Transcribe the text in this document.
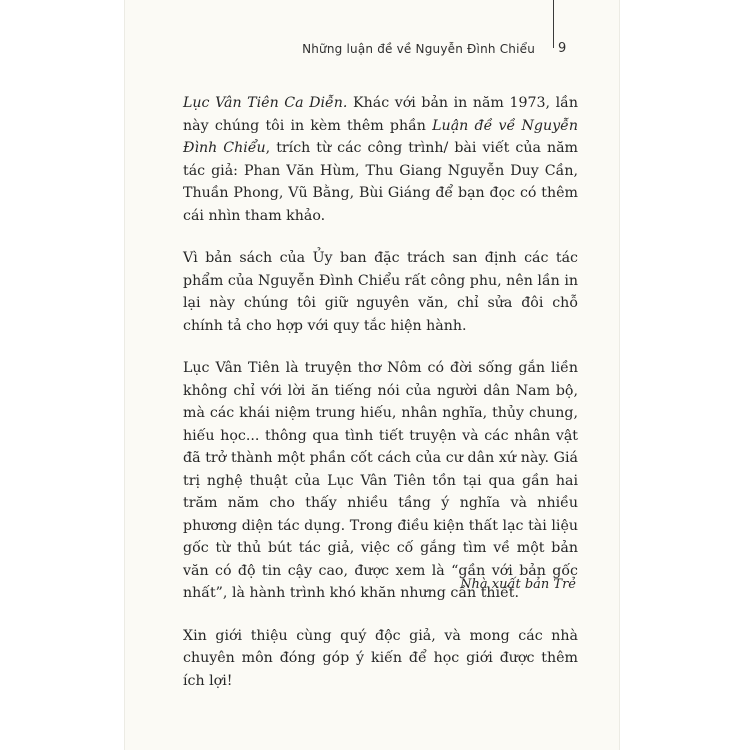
Những luận đề về Nguyễn Đình Chiểu 9

Lục Vân Tiên Ca Diễn. Khác với bản in năm 1973, lần này chúng tôi in kèm thêm phần Luận đề về Nguyễn Đình Chiểu, trích từ các công trình/ bài viết của năm tác giả: Phan Văn Hùm, Thu Giang Nguyễn Duy Cần, Thuần Phong, Vũ Bằng, Bùi Giáng để bạn đọc có thêm cái nhìn tham khảo.

Vì bản sách của Ủy ban đặc trách san định các tác phẩm của Nguyễn Đình Chiểu rất công phu, nên lần in lại này chúng tôi giữ nguyên văn, chỉ sửa đôi chỗ chính tả cho hợp với quy tắc hiện hành.

Lục Vân Tiên là truyện thơ Nôm có đời sống gắn liền không chỉ với lời ăn tiếng nói của người dân Nam bộ, mà các khái niệm trung hiếu, nhân nghĩa, thủy chung, hiếu học... thông qua tình tiết truyện và các nhân vật đã trở thành một phần cốt cách của cư dân xứ này. Giá trị nghệ thuật của Lục Vân Tiên tồn tại qua gần hai trăm năm cho thấy nhiều tầng ý nghĩa và nhiều phương diện tác dụng. Trong điều kiện thất lạc tài liệu gốc từ thủ bút tác giả, việc cố gắng tìm về một bản văn có độ tin cậy cao, được xem là “gần với bản gốc nhất”, là hành trình khó khăn nhưng cần thiết.

Xin giới thiệu cùng quý độc giả, và mong các nhà chuyên môn đóng góp ý kiến để học giới được thêm ích lợi!

Nhà xuất bản Trẻ
